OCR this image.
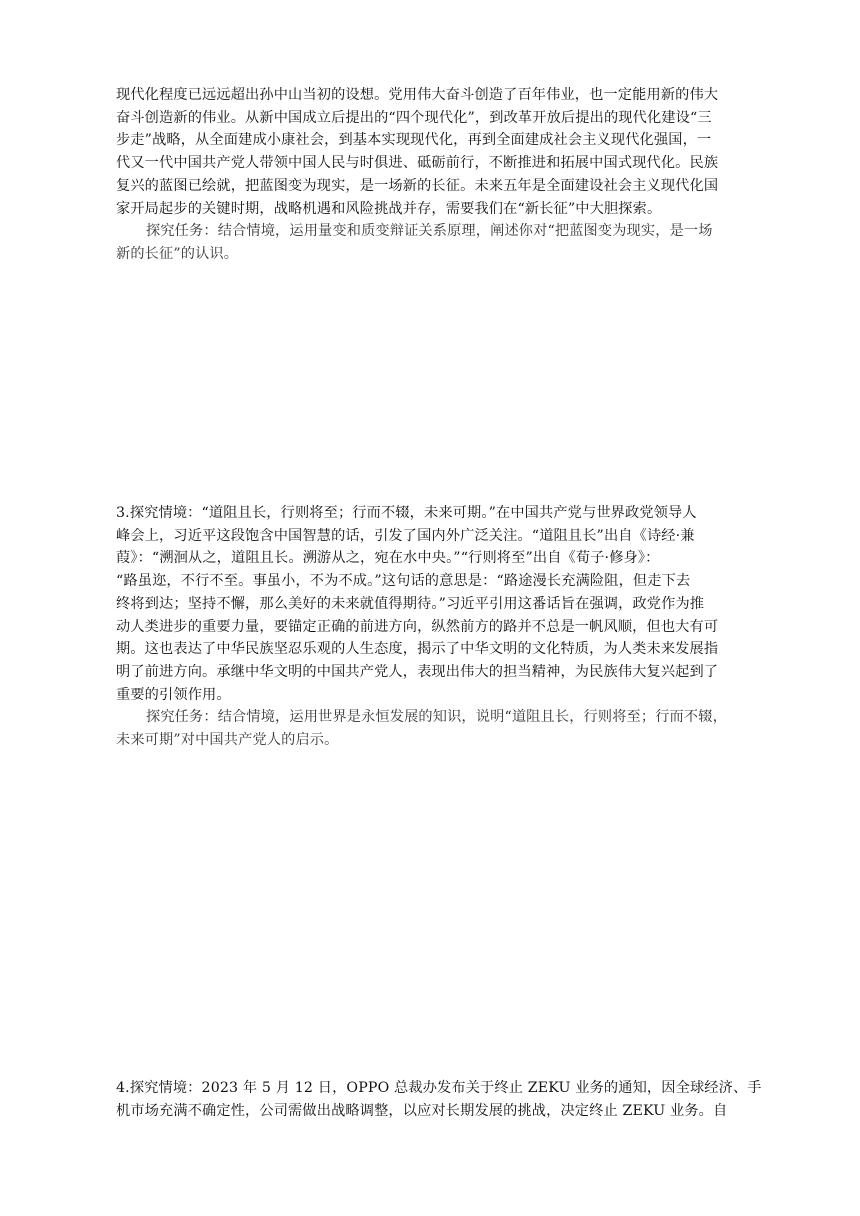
现代化程度已远远超出孙中山当初的设想。党用伟大奋斗创造了百年伟业，也一定能用新的伟大
奋斗创造新的伟业。从新中国成立后提出的“四个现代化”，到改革开放后提出的现代化建设“三
步走”战略，从全面建成小康社会，到基本实现现代化，再到全面建成社会主义现代化强国，一
代又一代中国共产党人带领中国人民与时俱进、砥砺前行，不断推进和拓展中国式现代化。民族
复兴的蓝图已绘就，把蓝图变为现实，是一场新的长征。未来五年是全面建设社会主义现代化国
家开局起步的关键时期，战略机遇和风险挑战并存，需要我们在“新长征”中大胆探索。
探究任务：结合情境，运用量变和质变辩证关系原理，阐述你对“把蓝图变为现实，是一场
新的长征”的认识。
3.探究情境：“道阻且长，行则将至；行而不辍，未来可期。”在中国共产党与世界政党领导人
峰会上，习近平这段饱含中国智慧的话，引发了国内外广泛关注。“道阻且长”出自《诗经·兼
葭》：“溯洄从之，道阻且长。溯游从之，宛在水中央。”“行则将至”出自《荀子·修身》：
“路虽迩，不行不至。事虽小，不为不成。”这句话的意思是：“路途漫长充满险阻，但走下去
终将到达；坚持不懈，那么美好的未来就值得期待。”习近平引用这番话旨在强调，政党作为推
动人类进步的重要力量，要锚定正确的前进方向，纵然前方的路并不总是一帆风顺，但也大有可
期。这也表达了中华民族坚忍乐观的人生态度，揭示了中华文明的文化特质，为人类未来发展指
明了前进方向。承继中华文明的中国共产党人，表现出伟大的担当精神，为民族伟大复兴起到了
重要的引领作用。
探究任务：结合情境，运用世界是永恒发展的知识，说明“道阻且长，行则将至；行而不辍，
未来可期”对中国共产党人的启示。
4.探究情境：2023 年 5 月 12 日，OPPO 总裁办发布关于终止 ZEKU 业务的通知，因全球经济、手
机市场充满不确定性，公司需做出战略调整，以应对长期发展的挑战，决定终止 ZEKU 业务。自
